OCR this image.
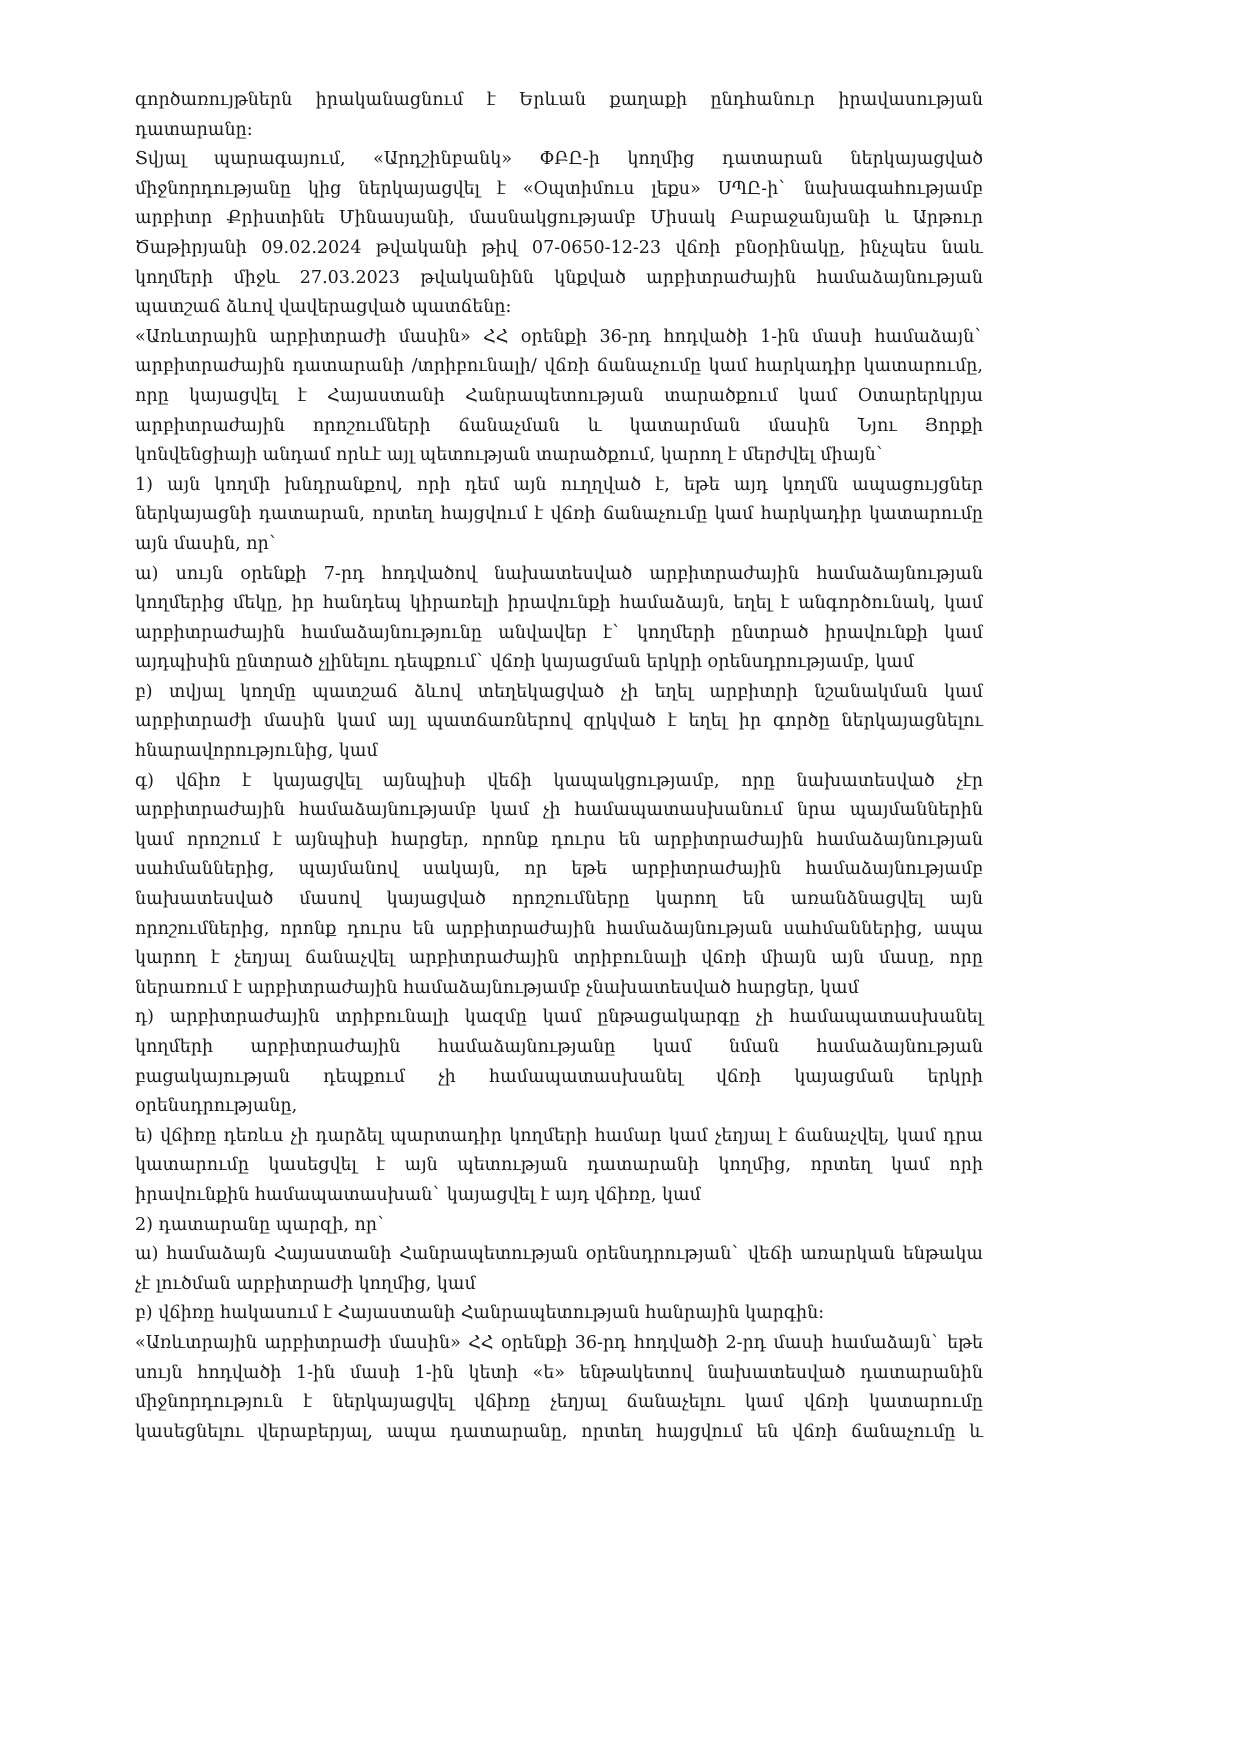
գործառույթներն իրականացնում է Երևան քաղաքի ընդհանուր իրավասության
դատարանը:
Տվյալ պարագայում, «Արդշինբանկ» ՓԲԸ-ի կողմից դատարան ներկայացված
միջնորդությանը կից ներկայացվել է «Օպտիմուս լեքս» ՍՊԸ-ի` նախագահությամբ
արբիտր Քրիստինե Մինասյանի, մասնակցությամբ Միսակ Բաբաջանյանի և Արթուր
Ծաթիրյանի 09.02.2024 թվականի թիվ 07-0650-12-23 վճռի բնօրինակը, ինչպես նաև
կողմերի միջև 27.03.2023 թվականինն կնքված արբիտրաժային համաձայնության
պատշաճ ձևով վավերացված պատճենը:
«Առևտրային արբիտրաժի մասին» ՀՀ օրենքի 36-րդ հոդվածի 1-ին մասի համաձայն`
արբիտրաժային դատարանի /տրիբունալի/ վճռի ճանաչումը կամ հարկադիր կատարումը,
որը կայացվել է Հայաստանի Հանրապետության տարածքում կամ Օտարերկրյա
արբիտրաժային որոշումների ճանաչման և կատարման մասին Նյու Յորքի
կոնվենցիայի անդամ որևէ այլ պետության տարածքում, կարող է մերժվել միայն`
1) այն կողմի խնդրանքով, որի դեմ այն ուղղված է, եթե այդ կողմն ապացույցներ
ներկայացնի դատարան, որտեղ հայցվում է վճռի ճանաչումը կամ հարկադիր կատարումը
այն մասին, որ`
ա) սույն օրենքի 7-րդ հոդվածով նախատեսված արբիտրաժային համաձայնության
կողմերից մեկը, իր հանդեպ կիրառելի իրավունքի համաձայն, եղել է անգործունակ, կամ
արբիտրաժային համաձայնությունը անվավեր է` կողմերի ընտրած իրավունքի կամ
այդպիսին ընտրած չլինելու դեպքում` վճռի կայացման երկրի օրենսդրությամբ, կամ
բ) տվյալ կողմը պատշաճ ձևով տեղեկացված չի եղել արբիտրի նշանակման կամ
արբիտրաժի մասին կամ այլ պատճառներով զրկված է եղել իր գործը ներկայացնելու
հնարավորությունից, կամ
գ) վճիռ է կայացվել այնպիսի վեճի կապակցությամբ, որը նախատեսված չէր
արբիտրաժային համաձայնությամբ կամ չի համապատասխանում նրա պայմաններին
կամ որոշում է այնպիսի հարցեր, որոնք դուրս են արբիտրաժային համաձայնության
սահմաններից, պայմանով սակայն, որ եթե արբիտրաժային համաձայնությամբ
նախատեսված մասով կայացված որոշումները կարող են առանձնացվել այն
որոշումներից, որոնք դուրս են արբիտրաժային համաձայնության սահմաններից, ապա
կարող է չեղյալ ճանաչվել արբիտրաժային տրիբունալի վճռի միայն այն մասը, որը
ներառում է արբիտրաժային համաձայնությամբ չնախատեսված հարցեր, կամ
դ) արբիտրաժային տրիբունալի կազմը կամ ընթացակարգը չի համապատասխանել
կողմերի արբիտրաժային համաձայնությանը կամ նման համաձայնության
բացակայության դեպքում չի համապատասխանել վճռի կայացման երկրի
օրենսդրությանը,
ե) վճիռը դեռևս չի դարձել պարտադիր կողմերի համար կամ չեղյալ է ճանաչվել, կամ դրա
կատարումը կասեցվել է այն պետության դատարանի կողմից, որտեղ կամ որի
իրավունքին համապատասխան` կայացվել է այդ վճիռը, կամ
2) դատարանը պարզի, որ`
ա) համաձայն Հայաստանի Հանրապետության օրենսդրության` վեճի առարկան ենթակա
չէ լուծման արբիտրաժի կողմից, կամ
բ) վճիռը հակասում է Հայաստանի Հանրապետության հանրային կարգին:
«Առևտրային արբիտրաժի մասին» ՀՀ օրենքի 36-րդ հոդվածի 2-րդ մասի համաձայն` եթե
սույն հոդվածի 1-ին մասի 1-ին կետի «ե» ենթակետով նախատեսված դատարանին
միջնորդություն է ներկայացվել վճիռը չեղյալ ճանաչելու կամ վճռի կատարումը
կասեցնելու վերաբերյալ, ապա դատարանը, որտեղ հայցվում են վճռի ճանաչումը և
